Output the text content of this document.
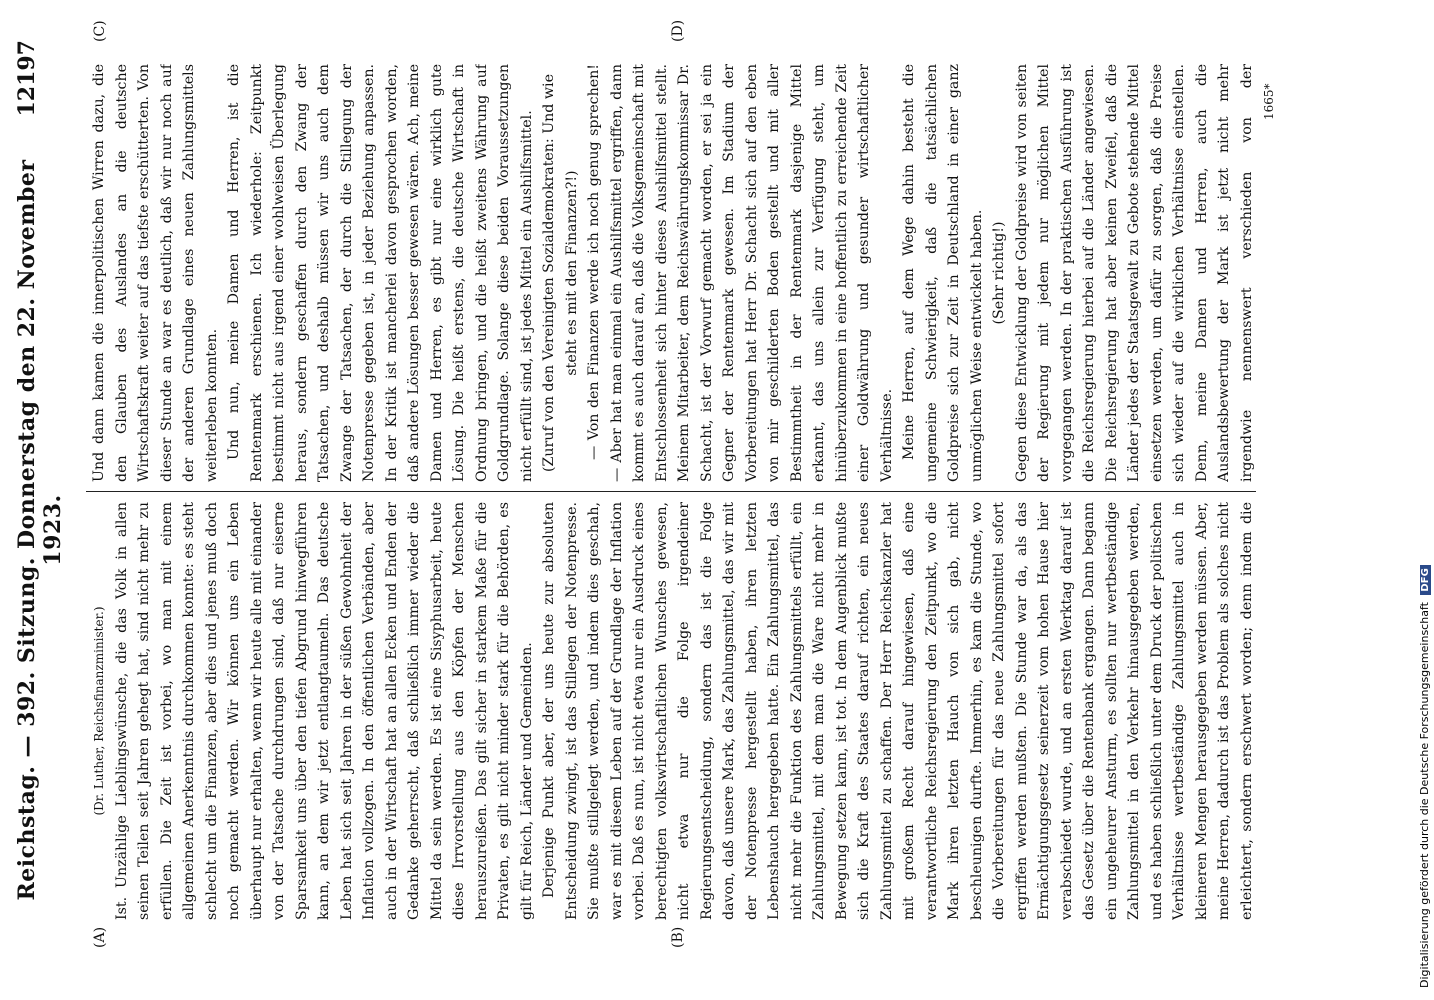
Reichstag. — 392. Sitzung. Donnerstag den 22. November 1923.
12197
(A)	(B)
(C)	(D)

(Dr. Luther, Reichsfinanzminister.) Ist. Unzählige Lieblingswünsche, die das Volk in allen seinen Teilen seit Jahren gehegt hat, sind nicht mehr zu erfüllen. Die Zeit ist vorbei, wo man mit einem allgemeinen Anerkenntnis durchkommen konnte: es steht schlecht um die Finanzen, aber dies und jenes muß doch noch gemacht werden. Wir können uns ein Leben überhaupt nur erhalten, wenn wir heute alle mit einander von der Tatsache durchdrungen sind, daß nur eiserne Sparsamkeit uns über den tiefen Abgrund hinwegführen kann, an dem wir jetzt entlangtaumeln. Das deutsche Leben hat sich seit Jahren in der süßen Gewohnheit der Inflation vollzogen. In den öffentlichen Verbänden, aber auch in der Wirtschaft hat an allen Ecken und Enden der Gedanke geherrscht, daß schließlich immer wieder die Mittel da sein werden. Es ist eine Sisyphusarbeit, heute diese Irrvorstellung aus den Köpfen der Menschen herauszureißen. Das gilt sicher in starkem Maße für die Privaten, es gilt nicht minder stark für die Behörden, es gilt für Reich, Länder und Gemeinden. Derjenige Punkt aber, der uns heute zur absoluten Entscheidung zwingt, ist das Stillegen der Notenpresse. Sie mußte stillgelegt werden, und indem dies geschah, war es mit diesem Leben auf der Grundlage der Inflation vorbei. Daß es nun, ist nicht etwa nur ein Ausdruck eines berechtigten volkswirtschaftlichen Wunsches gewesen, nicht etwa nur die Folge irgendeiner Regierungsentscheidung, sondern das ist die Folge davon, daß unsere Mark, das Zahlungsmittel, das wir mit der Notenpresse hergestellt haben, ihren letzten Lebenshauch hergegeben hatte. Ein Zahlungsmittel, das nicht mehr die Funktion des Zahlungsmittels erfüllt, ein Zahlungsmittel, mit dem man die Ware nicht mehr in Bewegung setzen kann, ist tot. In dem Augenblick mußte sich die Kraft des Staates darauf richten, ein neues Zahlungsmittel zu schaffen. Der Herr Reichskanzler hat mit großem Recht darauf hingewiesen, daß eine verantwortliche Reichsregierung den Zeitpunkt, wo die Mark ihren letzten Hauch von sich gab, nicht beschleunigen durfte. Immerhin, es kam die Stunde, wo die Vorbereitungen für das neue Zahlungsmittel sofort ergriffen werden mußten. Die Stunde war da, als das Ermächtigungsgesetz seinerzeit vom hohen Hause hier verabschiedet wurde, und an ersten Werktag darauf ist das Gesetz über die Rentenbank ergangen. Dann begann ein ungeheurer Ansturm, es sollten nur wertbeständige Zahlungsmittel in den Verkehr hinausgegeben werden, und es haben schließlich unter dem Druck der politischen Verhältnisse wertbeständige Zahlungsmittel auch in kleineren Mengen herausgegeben werden müssen. Aber, meine Herren, dadurch ist das Problem als solches nicht erleichtert, sondern erschwert worden; denn indem die

Und dann kamen die innerpolitischen Wirren dazu, die den Glauben des Auslandes an die deutsche Wirtschaftskraft weiter auf das tiefste erschütterten. Von dieser Stunde an war es deutlich, daß wir nur noch auf der anderen Grundlage eines neuen Zahlungsmittels weiterleben konnten. Und nun, meine Damen und Herren, ist die Rentenmark erschienen. Ich wiederhole: Zeitpunkt bestimmt nicht aus irgend einer wohlweisen Überlegung heraus, sondern geschaffen durch den Zwang der Tatsachen, und deshalb müssen wir uns auch dem Zwange der Tatsachen, der durch die Stillegung der Notenpresse gegeben ist, in jeder Beziehung anpassen. In der Kritik ist mancherlei davon gesprochen worden, daß andere Lösungen besser gewesen wären. Ach, meine Damen und Herren, es gibt nur eine wirklich gute Lösung. Die heißt erstens, die deutsche Wirtschaft in Ordnung bringen, und die heißt zweitens Währung auf Goldgrundlage. Solange diese beiden Voraussetzungen nicht erfüllt sind, ist jedes Mittel ein Aushilfsmittel. (Zuruf von den Vereinigten Sozialdemokraten: Und wie steht es mit den Finanzen?!) — Von den Finanzen werde ich noch genug sprechen! — Aber hat man einmal ein Aushilfsmittel ergriffen, dann kommt es auch darauf an, daß die Volksgemeinschaft mit Entschlossenheit sich hinter dieses Aushilfsmittel stellt. Meinem Mitarbeiter, dem Reichswährungskommissar Dr. Schacht, ist der Vorwurf gemacht worden, er sei ja ein Gegner der Rentenmark gewesen. Im Stadium der Vorbereitungen hat Herr Dr. Schacht sich auf den eben von mir geschilderten Boden gestellt und mit aller Bestimmtheit in der Rentenmark dasjenige Mittel erkannt, das uns allein zur Verfügung steht, um hinüberzukommen in eine hoffentlich zu erreichende Zeit einer Goldwährung und gesunder wirtschaftlicher Verhältnisse. Meine Herren, auf dem Wege dahin besteht die ungemeine Schwierigkeit, daß die tatsächlichen Goldpreise sich zur Zeit in Deutschland in einer ganz unmöglichen Weise entwickelt haben. (Sehr richtig!)

Gegen diese Entwicklung der Goldpreise wird von seiten der Regierung mit jedem nur möglichen Mittel vorgegangen werden. In der praktischen Ausführung ist die Reichsregierung hierbei auf die Länder angewiesen. Die Reichsregierung hat aber keinen Zweifel, daß die Länder jedes der Staatsgewalt zu Gebote stehende Mittel einsetzen werden, um dafür zu sorgen, daß die Preise sich wieder auf die wirklichen Verhältnisse einstellen. Denn, meine Damen und Herren, auch die Auslandsbewertung der Mark ist jetzt nicht mehr irgendwie nennenswert verschieden von der

1665*
Digitalisierung gefördert durch die Deutsche Forschungsgemeinschaft DFG
